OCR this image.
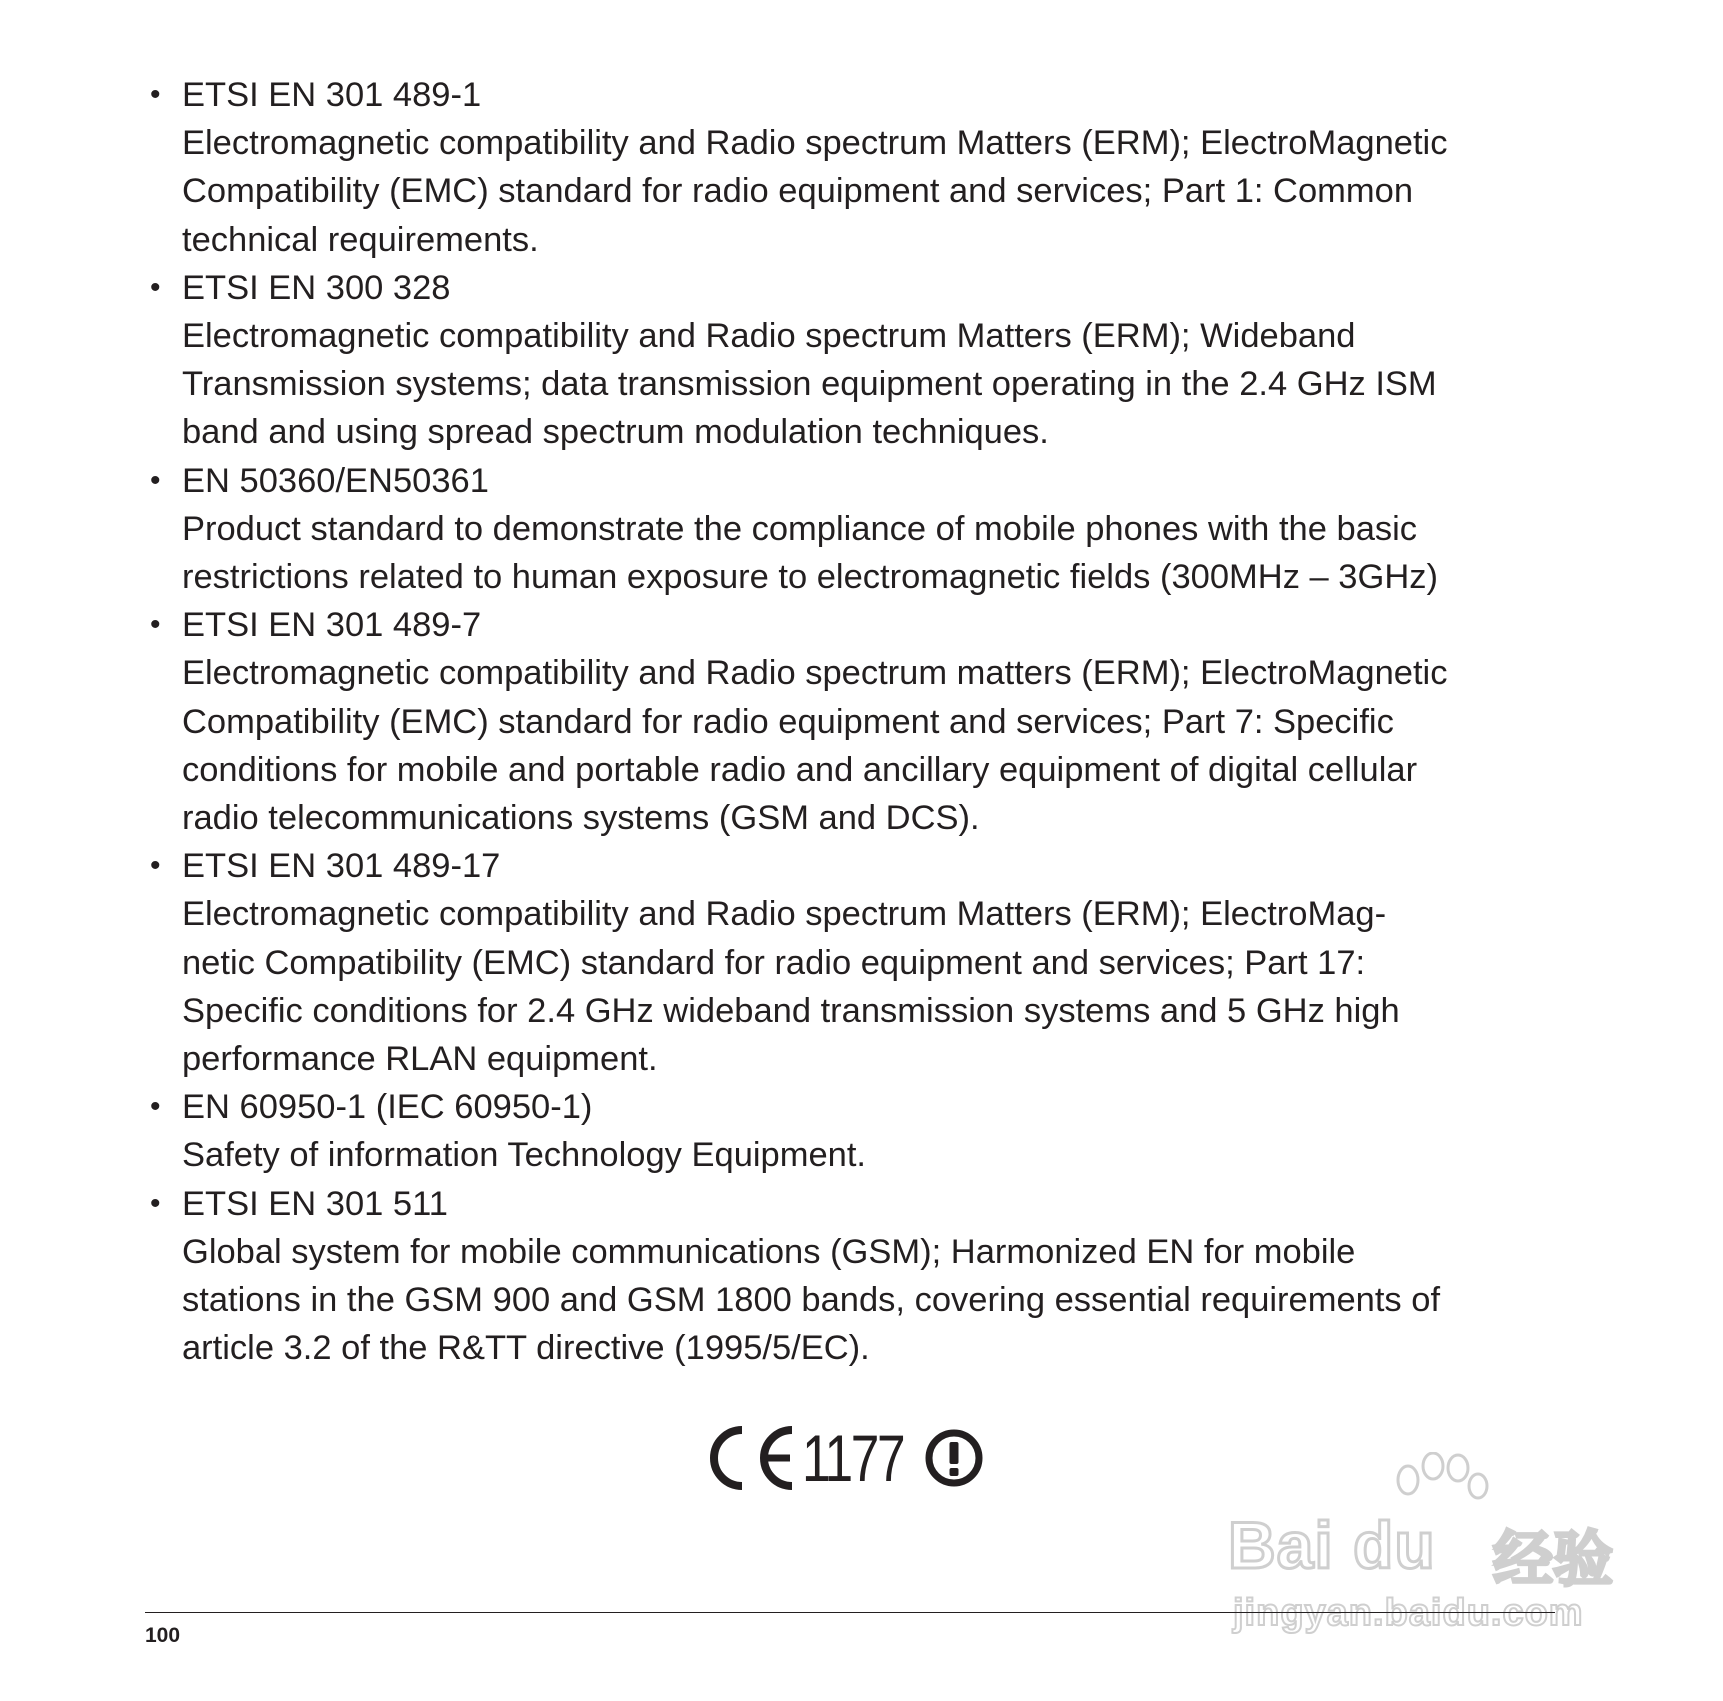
• ETSI EN 301 489-1
Electromagnetic compatibility and Radio spectrum Matters (ERM); ElectroMagnetic
Compatibility (EMC) standard for radio equipment and services; Part 1: Common
technical requirements.
• ETSI EN 300 328
Electromagnetic compatibility and Radio spectrum Matters (ERM); Wideband
Transmission systems; data transmission equipment operating in the 2.4 GHz ISM
band and using spread spectrum modulation techniques.
• EN 50360/EN50361
Product standard to demonstrate the compliance of mobile phones with the basic
restrictions related to human exposure to electromagnetic fields (300MHz – 3GHz)
• ETSI EN 301 489-7
Electromagnetic compatibility and Radio spectrum matters (ERM); ElectroMagnetic
Compatibility (EMC) standard for radio equipment and services; Part 7: Specific
conditions for mobile and portable radio and ancillary equipment of digital cellular
radio telecommunications systems (GSM and DCS).
• ETSI EN 301 489-17
Electromagnetic compatibility and Radio spectrum Matters (ERM); ElectroMag-
netic Compatibility (EMC) standard for radio equipment and services; Part 17:
Specific conditions for 2.4 GHz wideband transmission systems and 5 GHz high
performance RLAN equipment.
• EN 60950-1 (IEC 60950-1)
Safety of information Technology Equipment.
• ETSI EN 301 511
Global system for mobile communications (GSM); Harmonized EN for mobile
stations in the GSM 900 and GSM 1800 bands, covering essential requirements of
article 3.2 of the R&TT directive (1995/5/EC).
1177
Bai du 经验
jingyan.baidu.com
100
